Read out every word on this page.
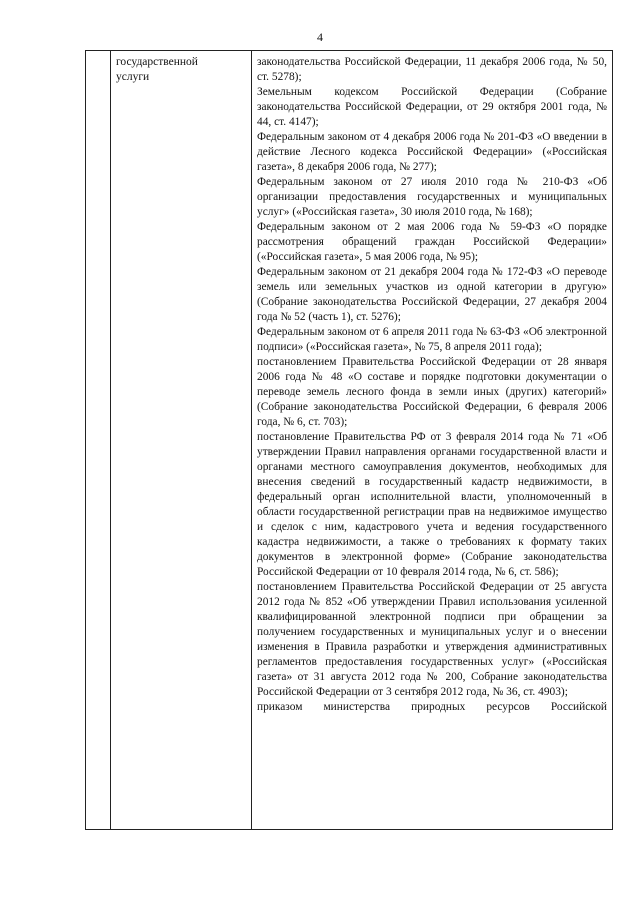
4
государственной
услуги

законодательства Российской Федерации, 11 декабря 2006 года, № 50, ст. 5278);

Земельным кодексом Российской Федерации (Собрание законодательства Российской Федерации, от 29 октября 2001 года, № 44, ст. 4147);

Федеральным законом от 4 декабря 2006 года № 201-ФЗ «О введении в действие Лесного кодекса Российской Федерации» («Российская газета», 8 декабря 2006 года, № 277);

Федеральным законом от 27 июля 2010 года № 210-ФЗ «Об организации предоставления государственных и муниципальных услуг» («Российская газета», 30 июля 2010 года, № 168);

Федеральным законом от 2 мая 2006 года № 59-ФЗ «О порядке рассмотрения обращений граждан Российской Федерации» («Российская газета», 5 мая 2006 года, № 95);

Федеральным законом от 21 декабря 2004 года № 172-ФЗ «О переводе земель или земельных участков из одной категории в другую» (Собрание законодательства Российской Федерации, 27 декабря 2004 года № 52 (часть 1), ст. 5276);

Федеральным законом от 6 апреля 2011 года № 63-ФЗ «Об электронной подписи» («Российская газета», № 75, 8 апреля 2011 года);

постановлением Правительства Российской Федерации от 28 января 2006 года № 48 «О составе и порядке подготовки документации о переводе земель лесного фонда в земли иных (других) категорий» (Собрание законодательства Российской Федерации, 6 февраля 2006 года, № 6, ст. 703);

постановление Правительства РФ от 3 февраля 2014 года № 71 «Об утверждении Правил направления органами государственной власти и органами местного самоуправления документов, необходимых для внесения сведений в государственный кадастр недвижимости, в федеральный орган исполнительной власти, уполномоченный в области государственной регистрации прав на недвижимое имущество и сделок с ним, кадастрового учета и ведения государственного кадастра недвижимости, а также о требованиях к формату таких документов в электронной форме» (Собрание законодательства Российской Федерации от 10 февраля 2014 года, № 6, ст. 586);

постановлением Правительства Российской Федерации от 25 августа 2012 года № 852 «Об утверждении Правил использования усиленной квалифицированной электронной подписи при обращении за получением государственных и муниципальных услуг и о внесении изменения в Правила разработки и утверждения административных регламентов предоставления государственных услуг» («Российская газета» от 31 августа 2012 года № 200, Собрание законодательства Российской Федерации от 3 сентября 2012 года, № 36, ст. 4903);

приказом министерства природных ресурсов Российской
